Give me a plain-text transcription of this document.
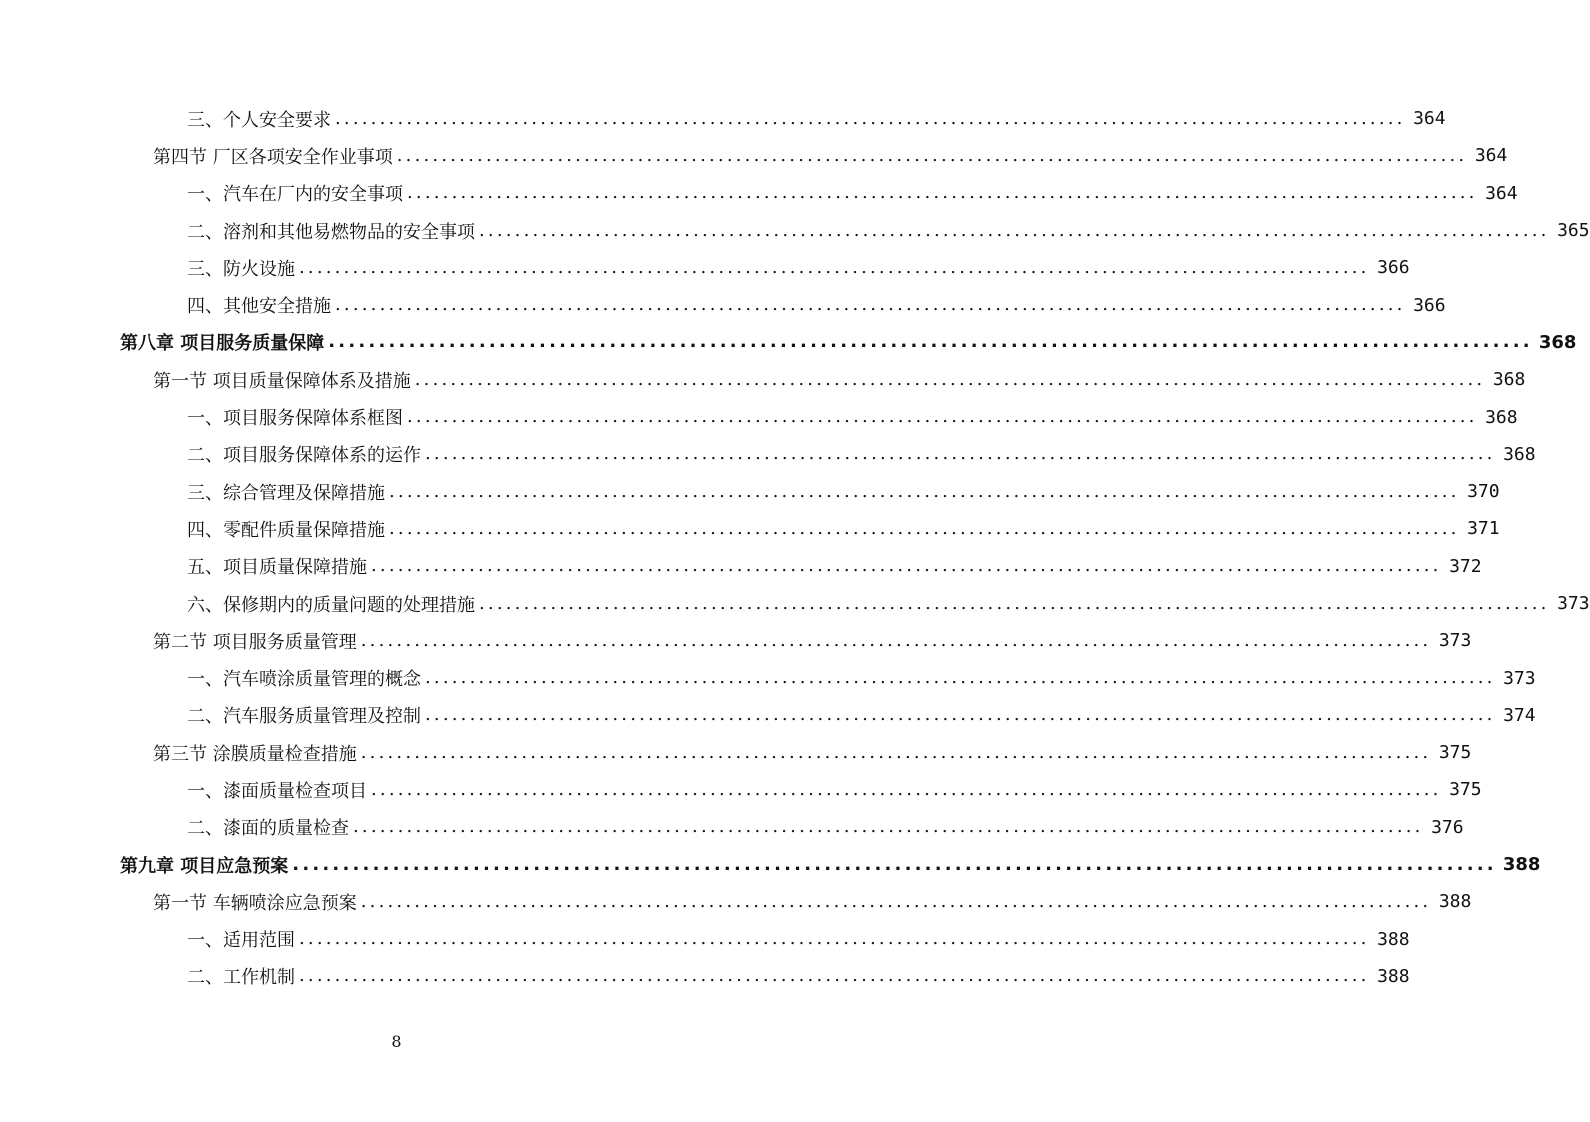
三、个人安全要求 ........................................................................................................................ 364
第四节 厂区各项安全作业事项 ........................................................................................................................ 364
一、汽车在厂内的安全事项 ........................................................................................................................ 364
二、溶剂和其他易燃物品的安全事项 ........................................................................................................................ 365
三、防火设施 ........................................................................................................................ 366
四、其他安全措施 ........................................................................................................................ 366
第八章 项目服务质量保障 ........................................................................................................................ 368
第一节 项目质量保障体系及措施 ........................................................................................................................ 368
一、项目服务保障体系框图 ........................................................................................................................ 368
二、项目服务保障体系的运作 ........................................................................................................................ 368
三、综合管理及保障措施 ........................................................................................................................ 370
四、零配件质量保障措施 ........................................................................................................................ 371
五、项目质量保障措施 ........................................................................................................................ 372
六、保修期内的质量问题的处理措施 ........................................................................................................................ 373
第二节 项目服务质量管理 ........................................................................................................................ 373
一、汽车喷涂质量管理的概念 ........................................................................................................................ 373
二、汽车服务质量管理及控制 ........................................................................................................................ 374
第三节 涂膜质量检查措施 ........................................................................................................................ 375
一、漆面质量检查项目 ........................................................................................................................ 375
二、漆面的质量检查 ........................................................................................................................ 376
第九章 项目应急预案 ........................................................................................................................ 388
第一节 车辆喷涂应急预案 ........................................................................................................................ 388
一、适用范围 ........................................................................................................................ 388
二、工作机制 ........................................................................................................................ 388
8
